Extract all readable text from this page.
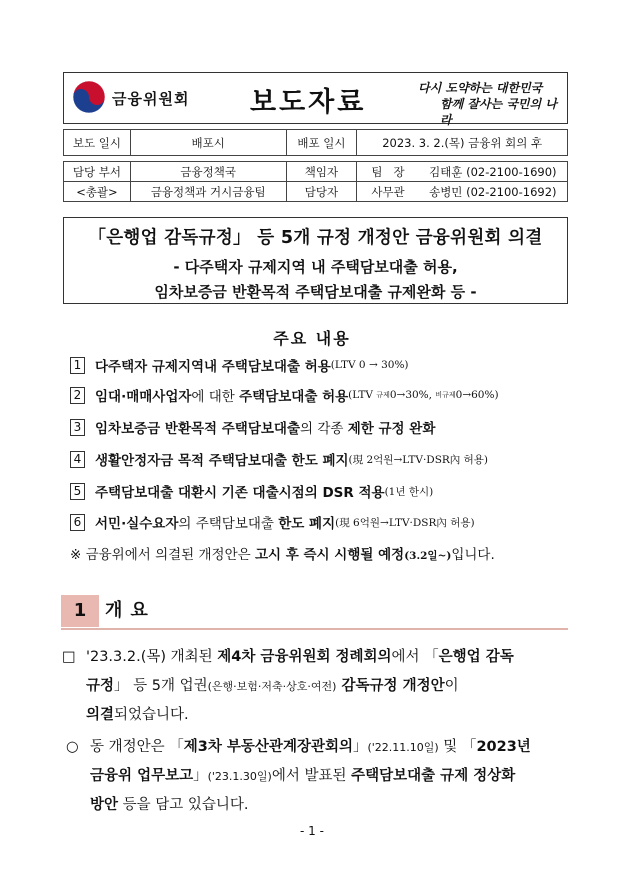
금융위원회 보도자료	다시 도약하는 대한민국
함께 잘사는 국민의 나라
보도 일시	배포시	배포 일시	2023. 3. 2.(목) 금융위 회의 후	

담당 부서	금융정책국	책임자	팀   장	김태훈 (02-2100-1690)
<총괄>	금융정책과 거시금융팀	담당자	사무관	송병민 (02-2100-1692)
「은행업 감독규정」 등 5개 규정 개정안 금융위원회 의결
- 다주택자 규제지역 내 주택담보대출 허용,
임차보증금 반환목적 주택담보대출 규제완화 등 -
주요 내용
1 다주택자 규제지역내 주택담보대출 허용 (LTV 0 → 30%)
2 임대·매매사업자 에 대한 주택담보대출 허용 (LTV 규제 0→30%, 비규제 0→60%)
3 임차보증금 반환목적 주택담보대출 의 각종 제한 규정 완화
4 생활안정자금 목적 주택담보대출 한도 폐지 (現 2억원→LTV·DSR內 허용)
5 주택담보대출 대환시 기존 대출시점의 DSR 적용 (1년 한시)
6 서민·실수요자 의 주택담보대출 한도 폐지 (現 6억원→LTV·DSR內 허용)
※ 금융위에서 의결된 개정안은 고시 후 즉시 시행될 예정(3.2일~)입니다.
1	개요
□ '23.3.2.(목) 개최된 제4차 금융위원회 정례회의에서 「은행업 감독
규정」 등 5개 업권(은행·보험·저축·상호·여전) 감독규정 개정안이
의결되었습니다.
○ 동 개정안은 「제3차 부동산관계장관회의」('22.11.10일) 및 「2023년
금융위 업무보고」('23.1.30일)에서 발표된 주택담보대출 규제 정상화
방안 등을 담고 있습니다.
- 1 -
